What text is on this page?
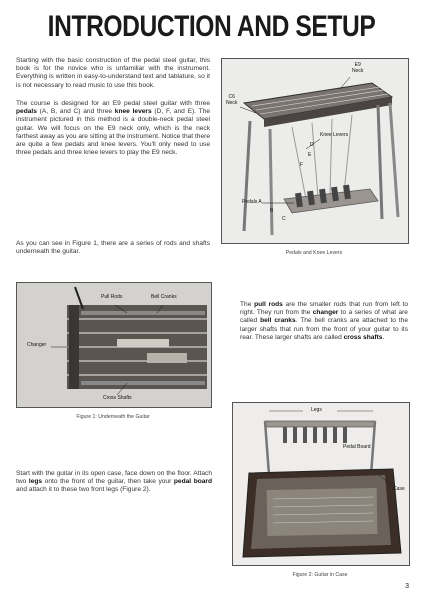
INTRODUCTION AND SETUP
Starting with the basic construction of the pedal steel guitar, this book is for the novice who is unfamiliar with the instrument. Everything is written in easy-to-understand text and tablature, so it is not necessary to read music to use this book.
The course is designed for an E9 pedal steel guitar with three pedals (A, B, and C) and three knee levers (D, F, and E). The instrument pictured in this method is a double-neck pedal steel guitar. We will focus on the E9 neck only, which is the neck farthest away as you are sitting at the instrument. Notice that there are quite a few pedals and knee levers. You'll only need to use three pedals and three knee levers to play the E9 neck.
As you can see in Figure 1, there are a series of rods and shafts underneath the guitar.
E9
Neck
C6
Neck
Knee Levers
D
E
F
Pedals A
B
C
Pedals and Knee Levers
Pull Rods	Bell Cranks
Changer
Cross Shafts
Figure 1: Underneath the Guitar
The pull rods are the smaller rods that run from left to right. They run from the changer to a series of what are called bell cranks. The bell cranks are attached to the larger shafts that run from the front of your guitar to its rear. These larger shafts are called cross shafts.
Start with the guitar in its open case, face down on the floor. Attach two legs onto the front of the guitar, then take your pedal board and attach it to these two front legs (Figure 2).
Legs
Pedal Board
Case
Figure 2: Guitar in Case
3
